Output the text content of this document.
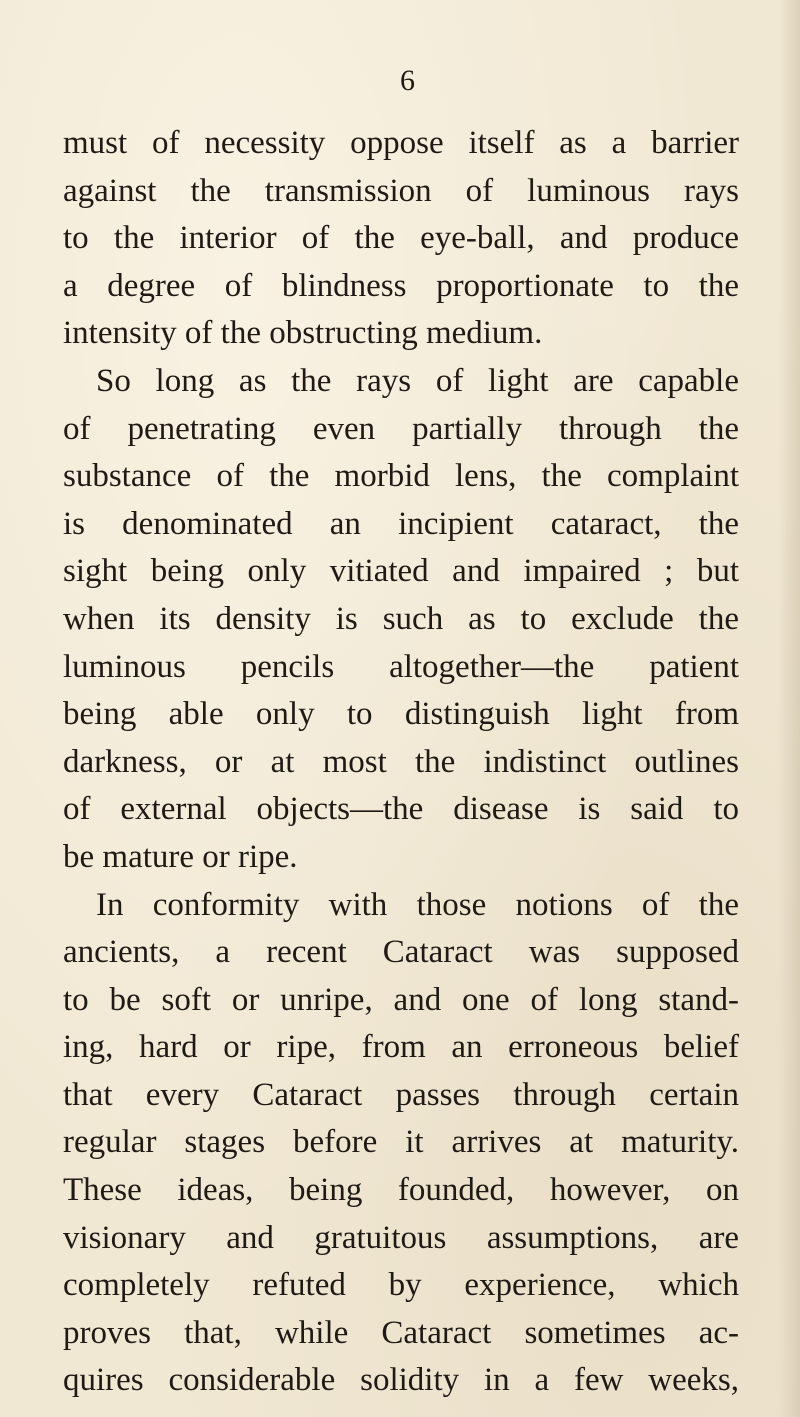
6
must of necessity oppose itself as a barrier
against the transmission of luminous rays
to the interior of the eye-ball, and produce
a degree of blindness proportionate to the
intensity of the obstructing medium.
So long as the rays of light are capable
of penetrating even partially through the
substance of the morbid lens, the complaint
is denominated an incipient cataract, the
sight being only vitiated and impaired ; but
when its density is such as to exclude the
luminous pencils altogether—the patient
being able only to distinguish light from
darkness, or at most the indistinct outlines
of external objects—the disease is said to
be mature or ripe.
In conformity with those notions of the
ancients, a recent Cataract was supposed
to be soft or unripe, and one of long stand-
ing, hard or ripe, from an erroneous belief
that every Cataract passes through certain
regular stages before it arrives at maturity.
These ideas, being founded, however, on
visionary and gratuitous assumptions, are
completely refuted by experience, which
proves that, while Cataract sometimes ac-
quires considerable solidity in a few weeks,
